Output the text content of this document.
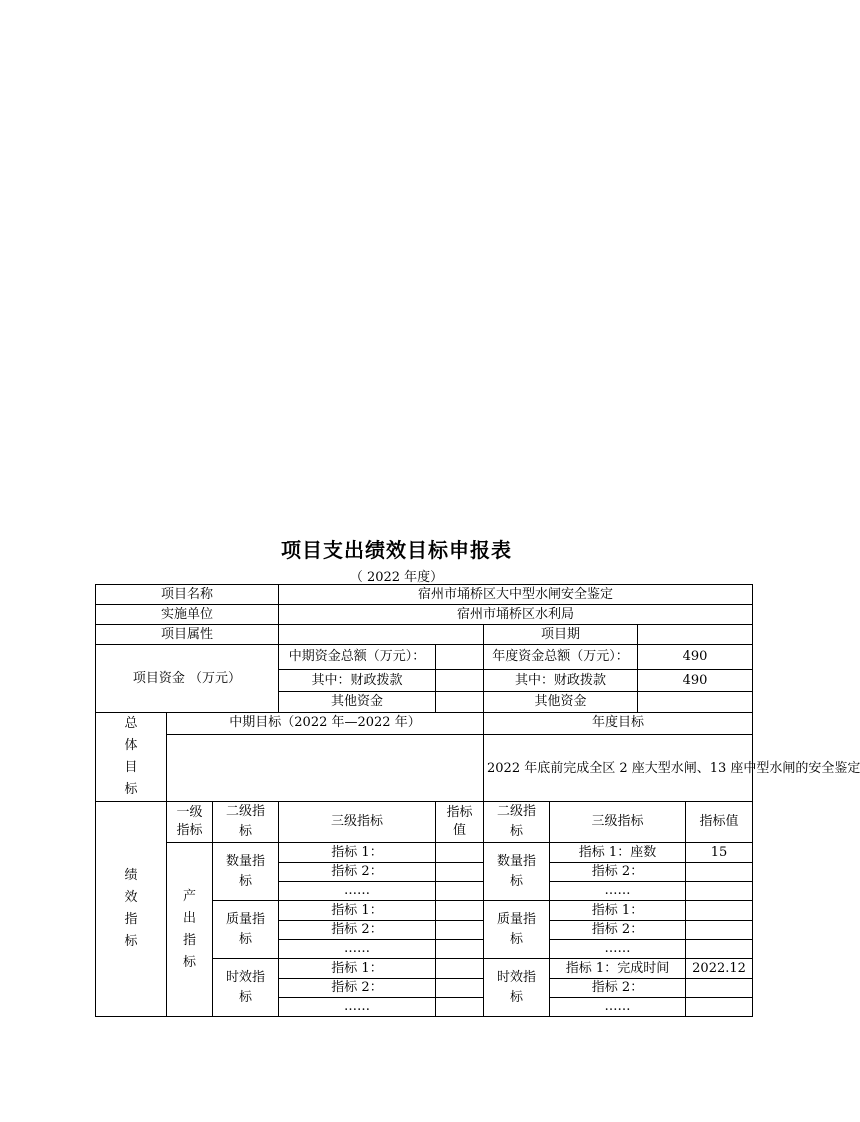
项目支出绩效目标申报表
（ 2022 年度）
项目名称			宿州市埇桥区大中型水闸安全鉴定					
实施单位			宿州市埇桥区水利局					
项目属性					项目期			
项目资金 （万元）			中期资金总额（万元）：		年度资金总额（万元）：		490	
			其中：财政拨款		其中：财政拨款		490	
			其他资金		其他资金			
总体目标	中期目标（2022 年—2022 年）				年度目标			
					2022 年底前完成全区 2 座大型水闸、13 座中型水闸的安全鉴定			
绩效指标	一级指标	二级指标	三级指标	指标值	二级指标	三级指标		指标值
	产出指标	数量指标	指标 1：		数量指标	指标 1：座数		15
			指标 2：			指标 2：		
			……			……		
		质量指标	指标 1：		质量指标	指标 1：		
			指标 2：			指标 2：		
			……			……		
		时效指标	指标 1：		时效指标	指标 1：完成时间		2022.12
			指标 2：			指标 2：		
			……			……		
